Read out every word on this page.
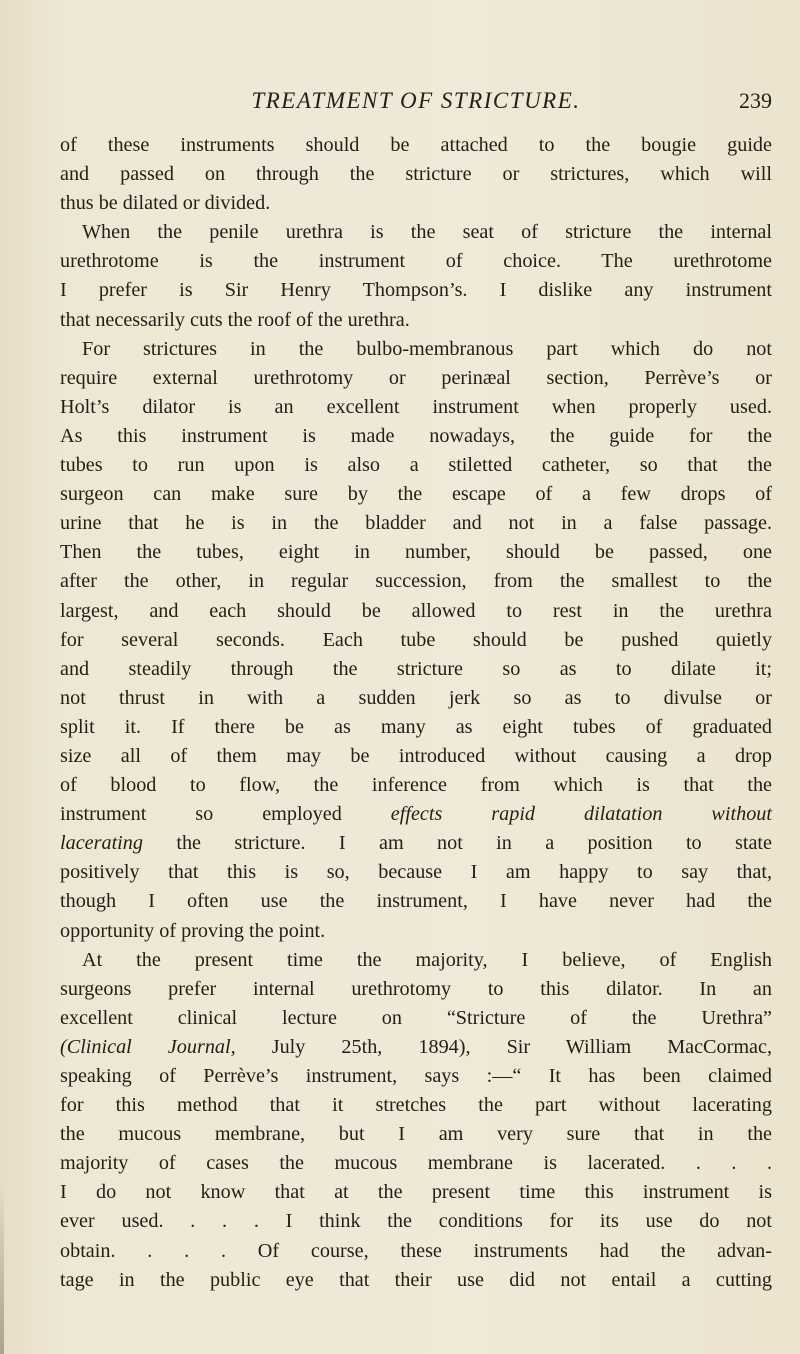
TREATMENT OF STRICTURE.	239
of these instruments should be attached to the bougie guide
and passed on through the stricture or strictures, which will
thus be dilated or divided.
When the penile urethra is the seat of stricture the internal
urethrotome is the instrument of choice. The urethrotome
I prefer is Sir Henry Thompson’s. I dislike any instrument
that necessarily cuts the roof of the urethra.
For strictures in the bulbo-membranous part which do not
require external urethrotomy or perinæal section, Perrève’s or
Holt’s dilator is an excellent instrument when properly used.
As this instrument is made nowadays, the guide for the
tubes to run upon is also a stiletted catheter, so that the
surgeon can make sure by the escape of a few drops of
urine that he is in the bladder and not in a false passage.
Then the tubes, eight in number, should be passed, one
after the other, in regular succession, from the smallest to the
largest, and each should be allowed to rest in the urethra
for several seconds. Each tube should be pushed quietly
and steadily through the stricture so as to dilate it;
not thrust in with a sudden jerk so as to divulse or
split it. If there be as many as eight tubes of graduated
size all of them may be introduced without causing a drop
of blood to flow, the inference from which is that the
instrument so employed effects rapid dilatation without
lacerating the stricture. I am not in a position to state
positively that this is so, because I am happy to say that,
though I often use the instrument, I have never had the
opportunity of proving the point.
At the present time the majority, I believe, of English
surgeons prefer internal urethrotomy to this dilator. In an
excellent clinical lecture on “Stricture of the Urethra”
(Clinical Journal, July 25th, 1894), Sir William MacCormac,
speaking of Perrève’s instrument, says :—“ It has been claimed
for this method that it stretches the part without lacerating
the mucous membrane, but I am very sure that in the
majority of cases the mucous membrane is lacerated. . . .
I do not know that at the present time this instrument is
ever used. . . . I think the conditions for its use do not
obtain. . . . Of course, these instruments had the advan-
tage in the public eye that their use did not entail a cutting
